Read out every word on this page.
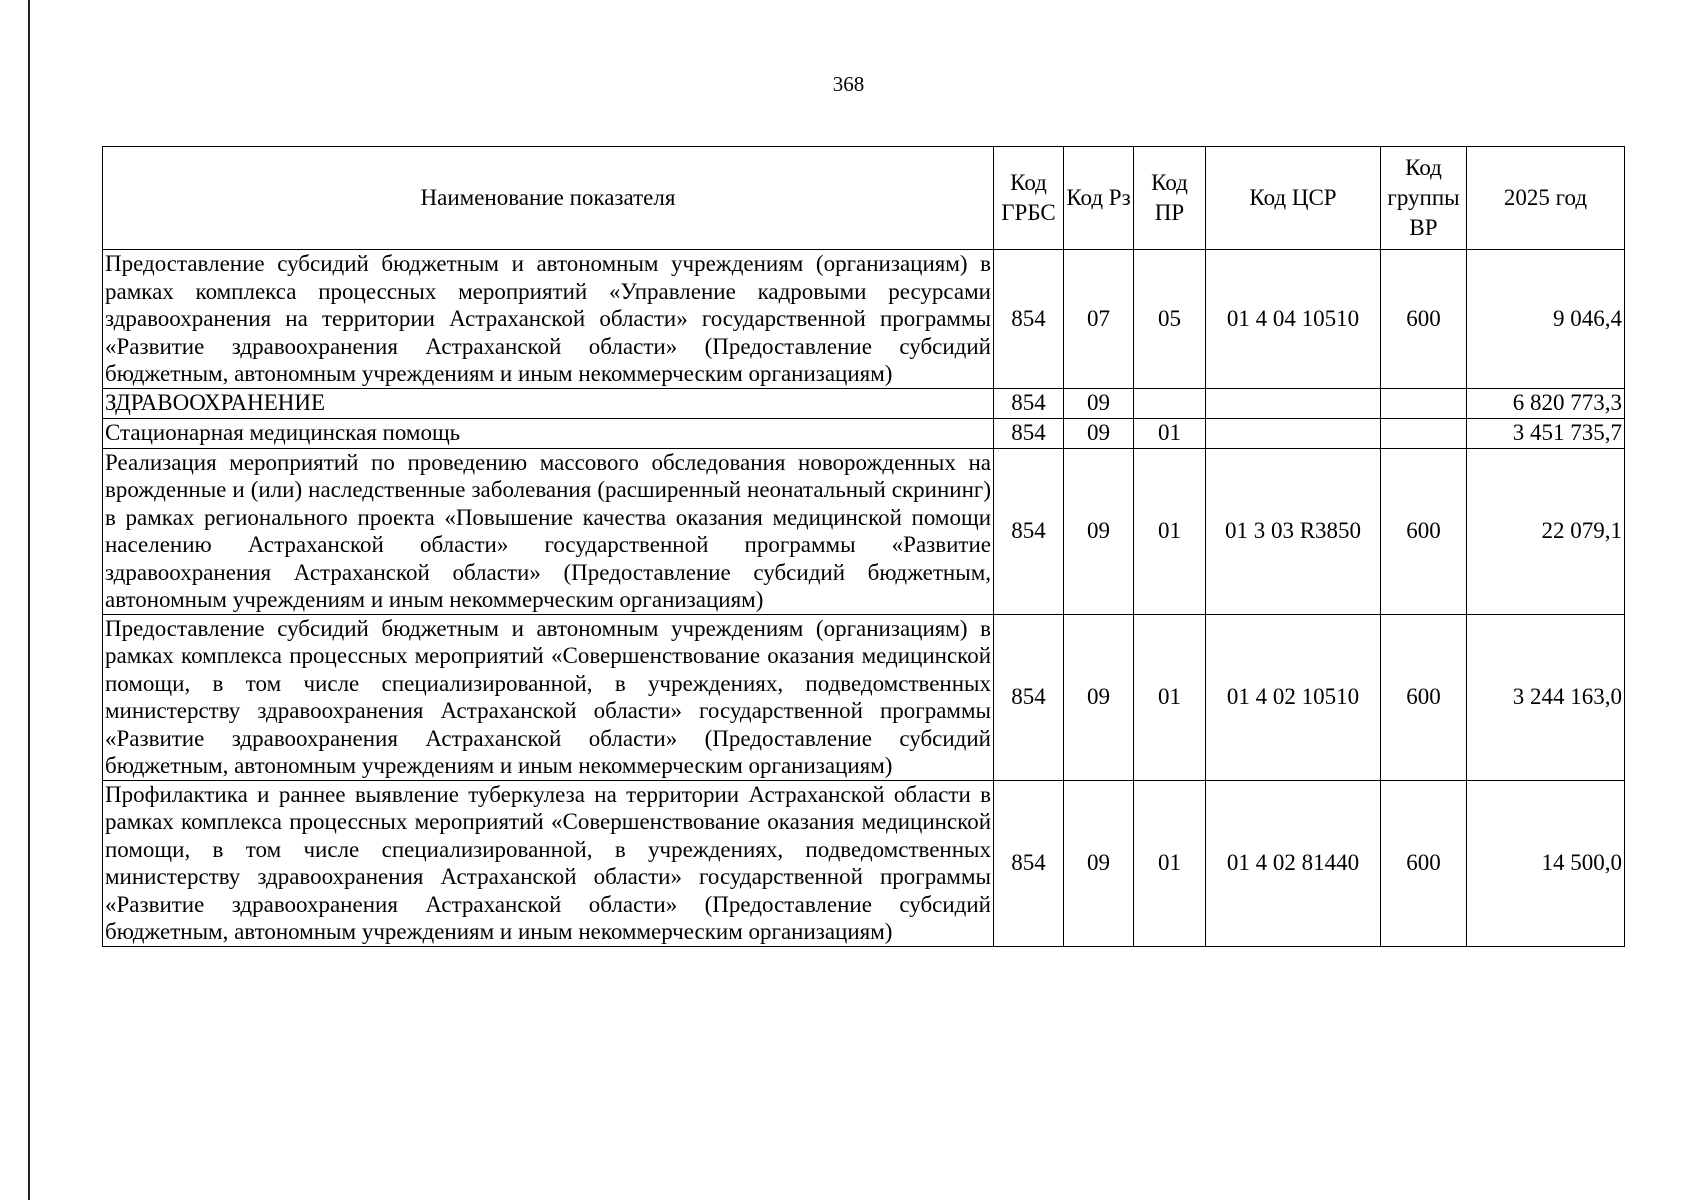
368
Наименование показателя	Код ГРБС	Код Рз	Код ПР	Код ЦСР	Код группы ВР	2025 год
Предоставление субсидий бюджетным и автономным учреждениям (организациям) в рамках комплекса процессных мероприятий «Управление кадровыми ресурсами здравоохранения на территории Астраханской области» государственной программы «Развитие здравоохранения Астраханской области» (Предоставление субсидий бюджетным, автономным учреждениям и иным некоммерческим организациям)	854	07	05	01 4 04 10510	600	9 046,4
ЗДРАВООХРАНЕНИЕ	854	09				6 820 773,3
Стационарная медицинская помощь	854	09	01			3 451 735,7
Реализация мероприятий по проведению массового обследования новорожденных на врожденные и (или) наследственные заболевания (расширенный неонатальный скрининг) в рамках регионального проекта «Повышение качества оказания медицинской помощи населению Астраханской области» государственной программы «Развитие здравоохранения Астраханской области» (Предоставление субсидий бюджетным, автономным учреждениям и иным некоммерческим организациям)	854	09	01	01 3 03 R3850	600	22 079,1
Предоставление субсидий бюджетным и автономным учреждениям (организациям) в рамках комплекса процессных мероприятий «Совершенствование оказания медицинской помощи, в том числе специализированной, в учреждениях, подведомственных министерству здравоохранения Астраханской области» государственной программы «Развитие здравоохранения Астраханской области» (Предоставление субсидий бюджетным, автономным учреждениям и иным некоммерческим организациям)	854	09	01	01 4 02 10510	600	3 244 163,0
Профилактика и раннее выявление туберкулеза на территории Астраханской области в рамках комплекса процессных мероприятий «Совершенствование оказания медицинской помощи, в том числе специализированной, в учреждениях, подведомственных министерству здравоохранения Астраханской области» государственной программы «Развитие здравоохранения Астраханской области» (Предоставление субсидий бюджетным, автономным учреждениям и иным некоммерческим организациям)	854	09	01	01 4 02 81440	600	14 500,0
